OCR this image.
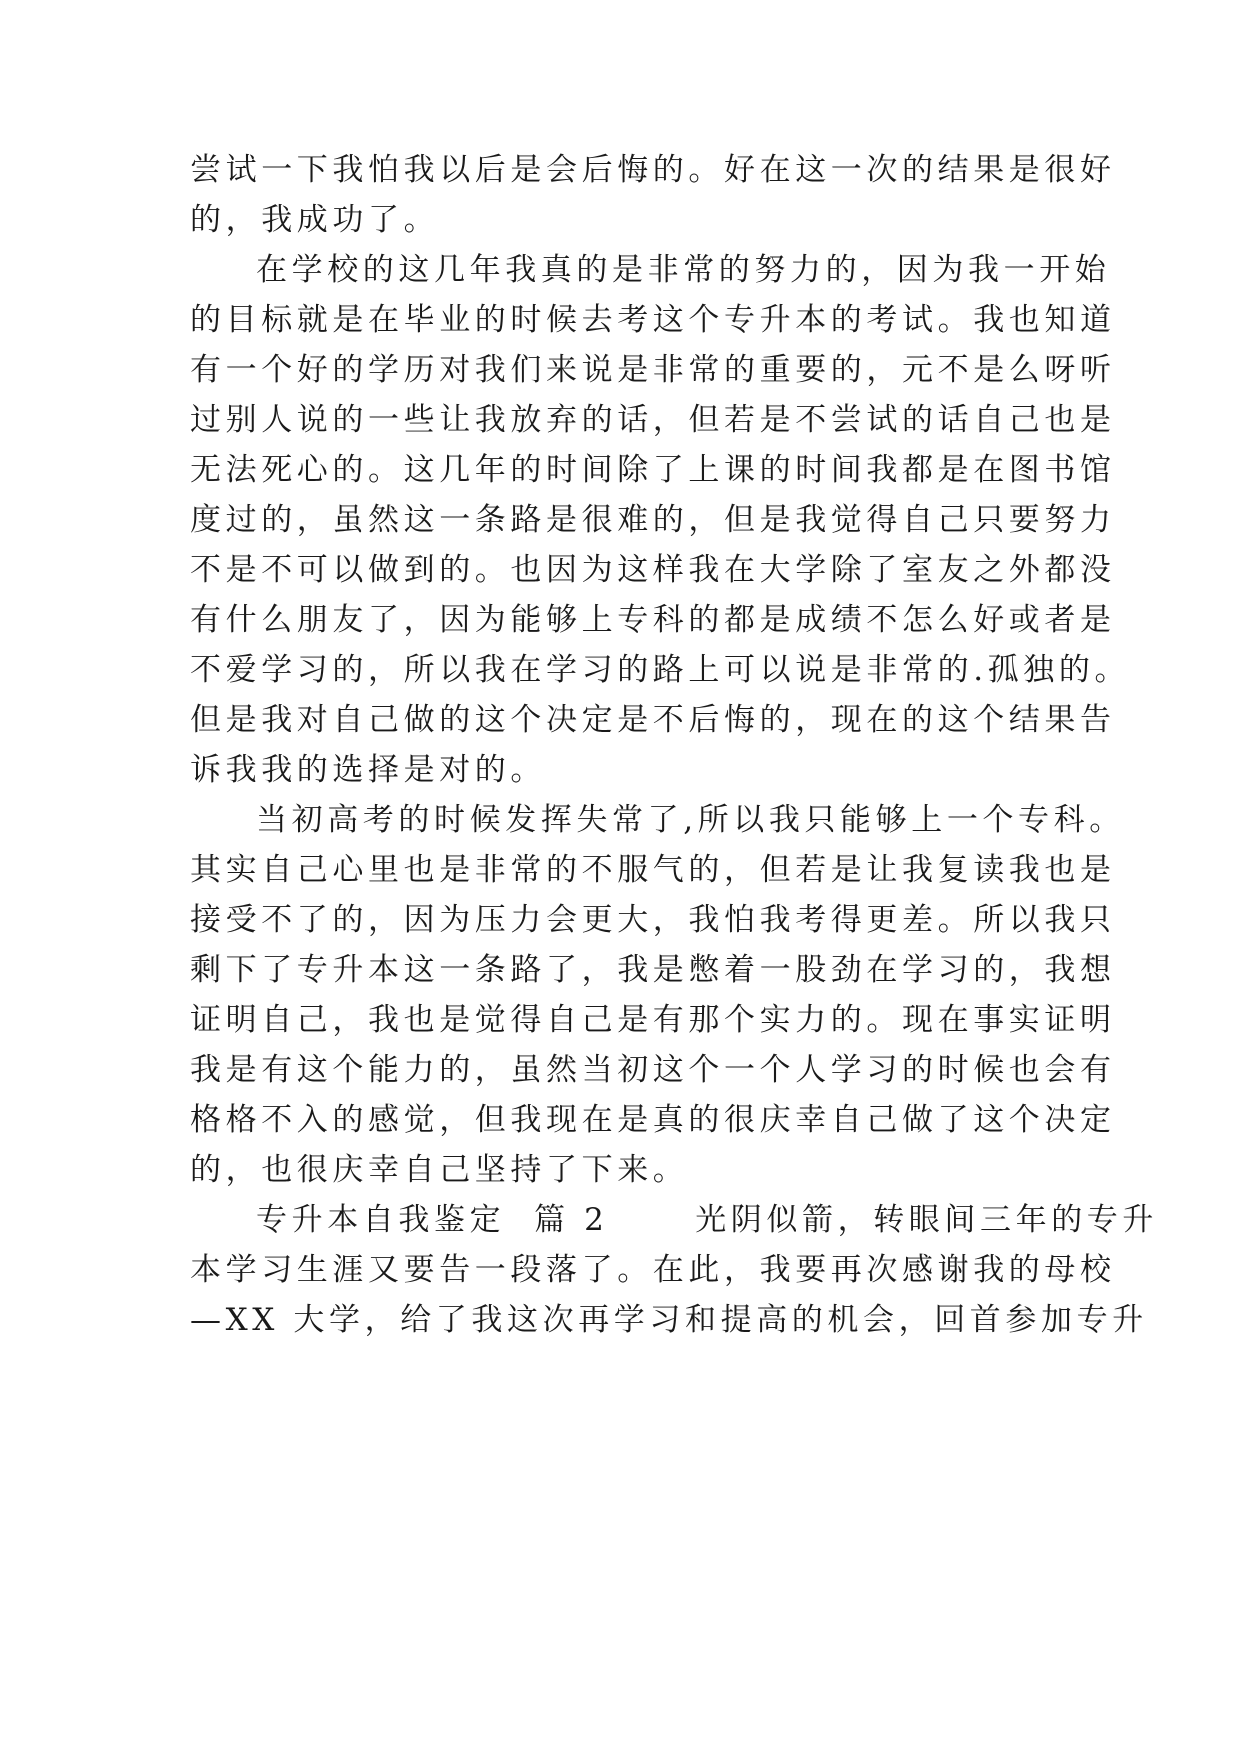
尝试一下我怕我以后是会后悔的。好在这一次的结果是很好
的，我成功了。
在学校的这几年我真的是非常的努力的，因为我一开始
的目标就是在毕业的时候去考这个专升本的考试。我也知道
有一个好的学历对我们来说是非常的重要的，元不是么呀听
过别人说的一些让我放弃的话，但若是不尝试的话自己也是
无法死心的。这几年的时间除了上课的时间我都是在图书馆
度过的，虽然这一条路是很难的，但是我觉得自己只要努力
不是不可以做到的。也因为这样我在大学除了室友之外都没
有什么朋友了，因为能够上专科的都是成绩不怎么好或者是
不爱学习的，所以我在学习的路上可以说是非常的.孤独的。
但是我对自己做的这个决定是不后悔的，现在的这个结果告
诉我我的选择是对的。
当初高考的时候发挥失常了,所以我只能够上一个专科。
其实自己心里也是非常的不服气的，但若是让我复读我也是
接受不了的，因为压力会更大，我怕我考得更差。所以我只
剩下了专升本这一条路了，我是憋着一股劲在学习的，我想
证明自己，我也是觉得自己是有那个实力的。现在事实证明
我是有这个能力的，虽然当初这个一个人学习的时候也会有
格格不入的感觉，但我现在是真的很庆幸自己做了这个决定
的，也很庆幸自己坚持了下来。
专升本自我鉴定  篇 2      光阴似箭，转眼间三年的专升
本学习生涯又要告一段落了。在此，我要再次感谢我的母校
—XX 大学，给了我这次再学习和提高的机会，回首参加专升
